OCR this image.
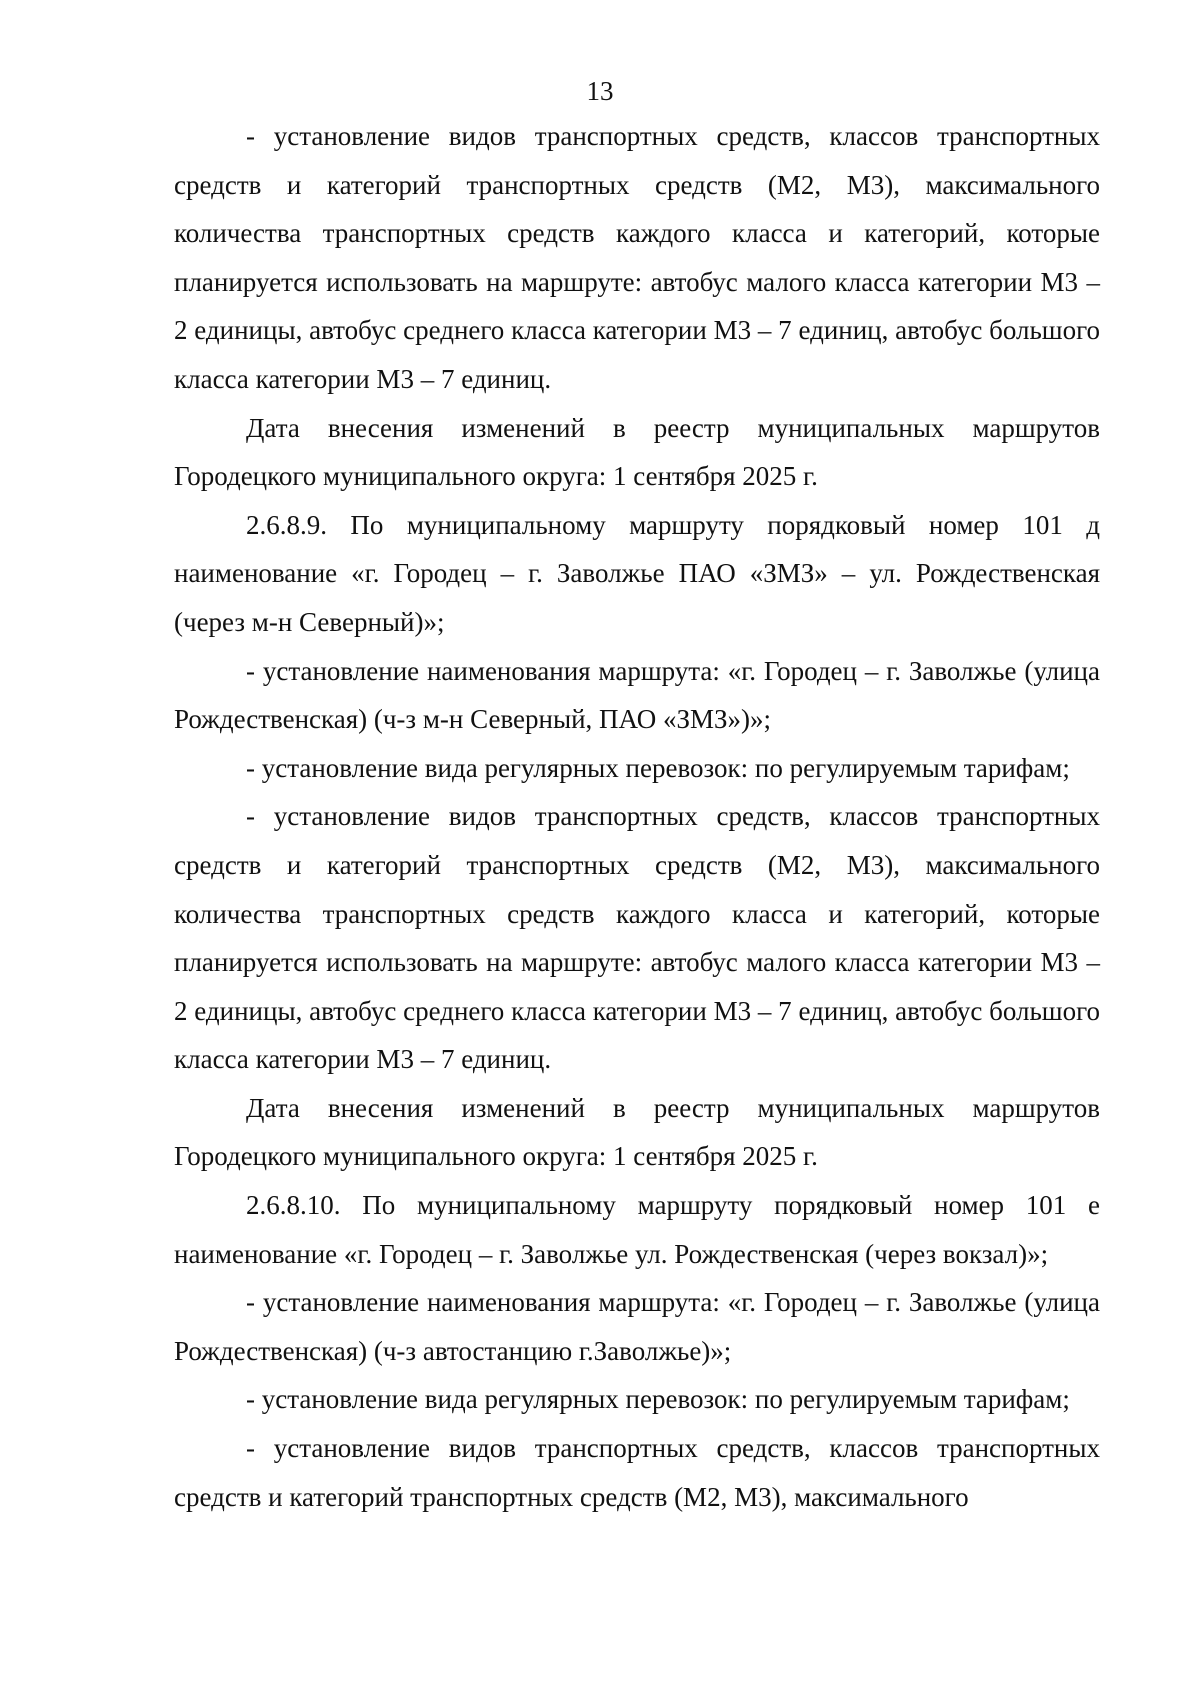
13

- установление видов транспортных средств, классов транспортных средств и категорий транспортных средств (М2, М3), максимального количества транспортных средств каждого класса и категорий, которые планируется использовать на маршруте: автобус малого класса категории М3 – 2 единицы, автобус среднего класса категории М3 – 7 единиц, автобус большого класса категории М3 – 7 единиц.

Дата внесения изменений в реестр муниципальных маршрутов Городецкого муниципального округа: 1 сентября 2025 г.

2.6.8.9. По муниципальному маршруту порядковый номер 101 д наименование «г. Городец – г. Заволжье ПАО «ЗМЗ» – ул. Рождественская (через м-н Северный)»;

- установление наименования маршрута: «г. Городец – г. Заволжье (улица Рождественская) (ч-з м-н Северный, ПАО «ЗМЗ»)»;

- установление вида регулярных перевозок: по регулируемым тарифам;

- установление видов транспортных средств, классов транспортных средств и категорий транспортных средств (М2, М3), максимального количества транспортных средств каждого класса и категорий, которые планируется использовать на маршруте: автобус малого класса категории М3 – 2 единицы, автобус среднего класса категории М3 – 7 единиц, автобус большого класса категории М3 – 7 единиц.

Дата внесения изменений в реестр муниципальных маршрутов Городецкого муниципального округа: 1 сентября 2025 г.

2.6.8.10. По муниципальному маршруту порядковый номер 101 е наименование «г. Городец – г. Заволжье ул. Рождественская (через вокзал)»;

- установление наименования маршрута: «г. Городец – г. Заволжье (улица Рождественская) (ч-з автостанцию г.Заволжье)»;

- установление вида регулярных перевозок: по регулируемым тарифам;

- установление видов транспортных средств, классов транспортных средств и категорий транспортных средств (М2, М3), максимального
